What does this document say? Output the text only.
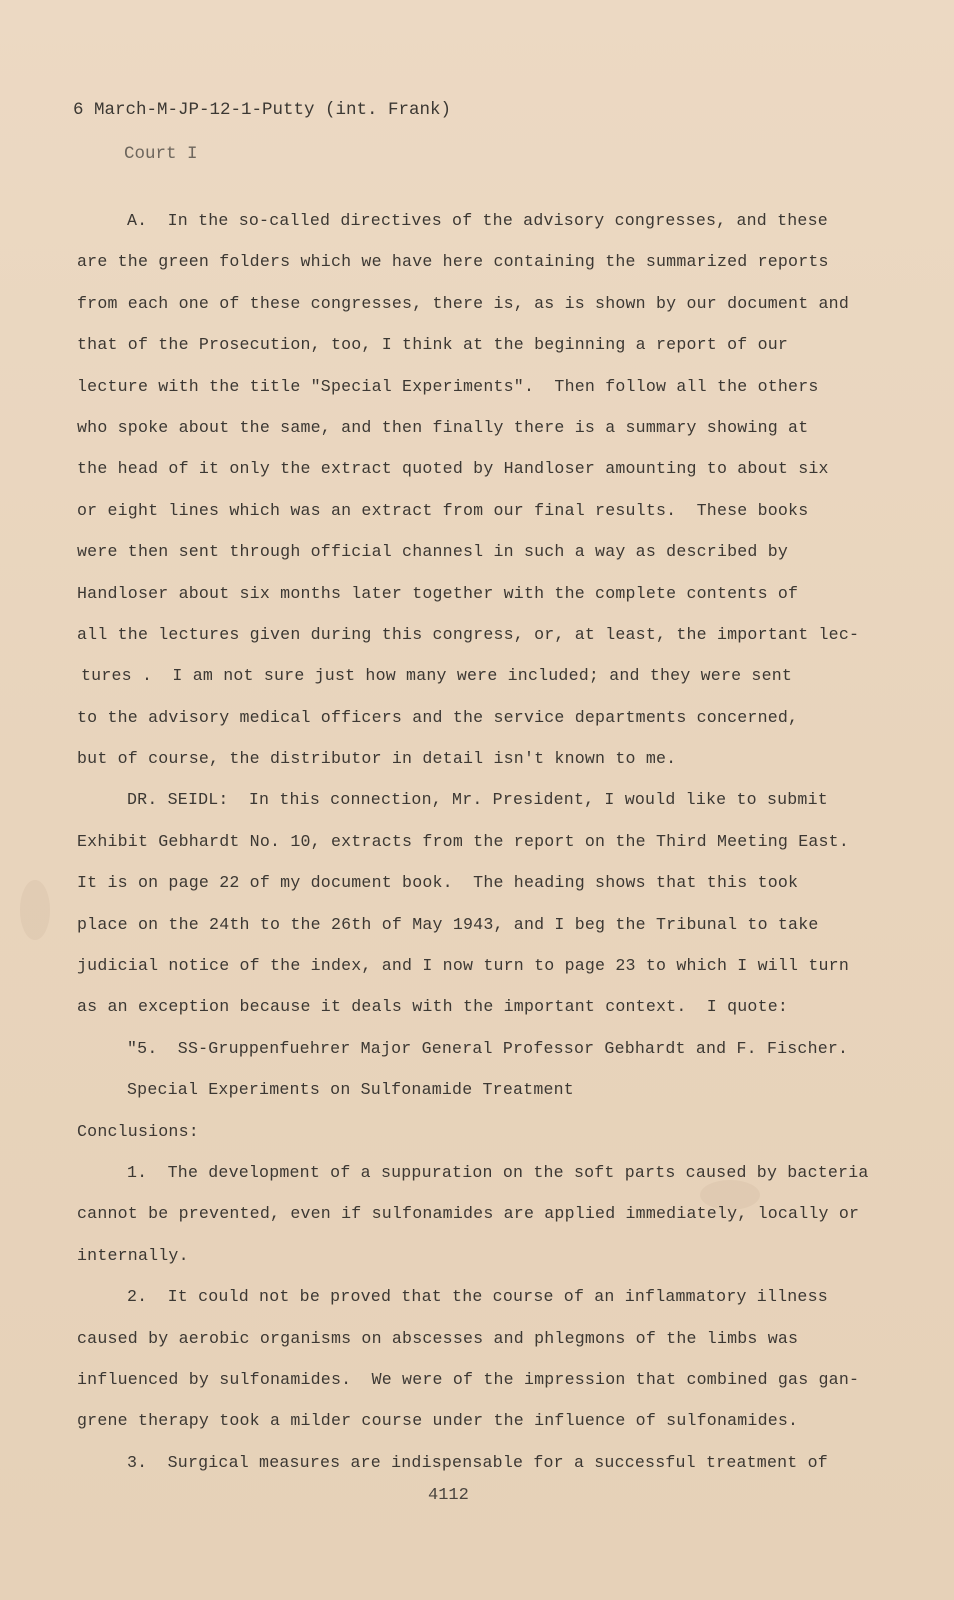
6 March-M-JP-12-1-Putty (int. Frank)
Court I
A.  In the so-called directives of the advisory congresses, and these
are the green folders which we have here containing the summarized reports
from each one of these congresses, there is, as is shown by our document and
that of the Prosecution, too, I think at the beginning a report of our
lecture with the title "Special Experiments".  Then follow all the others
who spoke about the same, and then finally there is a summary showing at
the head of it only the extract quoted by Handloser amounting to about six
or eight lines which was an extract from our final results.  These books
were then sent through official channesl in such a way as described by
Handloser about six months later together with the complete contents of
all the lectures given during this congress, or, at least, the important lec-
tures .  I am not sure just how many were included; and they were sent
to the advisory medical officers and the service departments concerned,
but of course, the distributor in detail isn't known to me.
DR. SEIDL:  In this connection, Mr. President, I would like to submit
Exhibit Gebhardt No. 10, extracts from the report on the Third Meeting East.
It is on page 22 of my document book.  The heading shows that this took
place on the 24th to the 26th of May 1943, and I beg the Tribunal to take
judicial notice of the index, and I now turn to page 23 to which I will turn
as an exception because it deals with the important context.  I quote:
"5.  SS-Gruppenfuehrer Major General Professor Gebhardt and F. Fischer.
Special Experiments on Sulfonamide Treatment
Conclusions:
1.  The development of a suppuration on the soft parts caused by bacteria
cannot be prevented, even if sulfonamides are applied immediately, locally or
internally.
2.  It could not be proved that the course of an inflammatory illness
caused by aerobic organisms on abscesses and phlegmons of the limbs was
influenced by sulfonamides.  We were of the impression that combined gas gan-
grene therapy took a milder course under the influence of sulfonamides.
3.  Surgical measures are indispensable for a successful treatment of
4112
